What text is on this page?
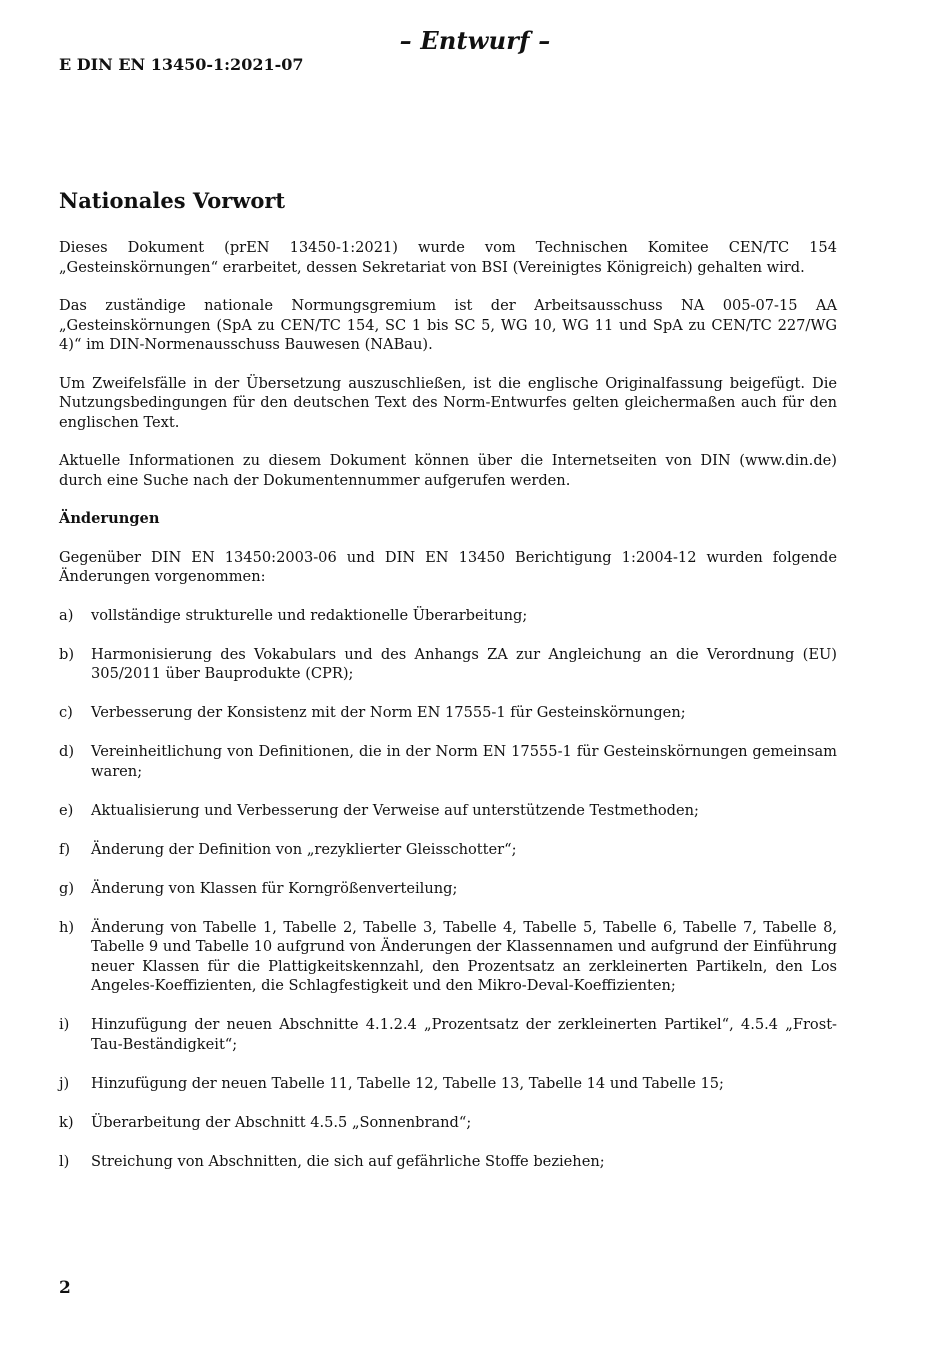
– Entwurf –
E DIN EN 13450-1:2021-07
Nationales Vorwort

Dieses Dokument (prEN 13450-1:2021) wurde vom Technischen Komitee CEN/TC 154 „Gesteinskörnungen“ erarbeitet, dessen Sekretariat von BSI (Vereinigtes Königreich) gehalten wird.

Das zuständige nationale Normungsgremium ist der Arbeitsausschuss NA 005-07-15 AA „Gesteinskörnungen (SpA zu CEN/TC 154, SC 1 bis SC 5, WG 10, WG 11 und SpA zu CEN/TC 227/WG 4)“ im DIN-Normenausschuss Bauwesen (NABau).

Um Zweifelsfälle in der Übersetzung auszuschließen, ist die englische Originalfassung beigefügt. Die Nutzungsbedingungen für den deutschen Text des Norm-Entwurfes gelten gleichermaßen auch für den englischen Text.

Aktuelle Informationen zu diesem Dokument können über die Internetseiten von DIN (www.din.de) durch eine Suche nach der Dokumentennummer aufgerufen werden.

Änderungen

Gegenüber DIN EN 13450:2003-06 und DIN EN 13450 Berichtigung 1:2004-12 wurden folgende Änderungen vorgenommen:

a)	vollständige strukturelle und redaktionelle Überarbeitung;
b)	Harmonisierung des Vokabulars und des Anhangs ZA zur Angleichung an die Verordnung (EU) 305/2011 über Bauprodukte (CPR);
c)	Verbesserung der Konsistenz mit der Norm EN 17555-1 für Gesteinskörnungen;
d)	Vereinheitlichung von Definitionen, die in der Norm EN 17555-1 für Gesteinskörnungen gemeinsam waren;
e)	Aktualisierung und Verbesserung der Verweise auf unterstützende Testmethoden;
f)	Änderung der Definition von „rezyklierter Gleisschotter“;
g)	Änderung von Klassen für Korngrößenverteilung;
h)	Änderung von Tabelle 1, Tabelle 2, Tabelle 3, Tabelle 4, Tabelle 5, Tabelle 6, Tabelle 7, Tabelle 8, Tabelle 9 und Tabelle 10 aufgrund von Änderungen der Klassennamen und aufgrund der Einführung neuer Klassen für die Plattigkeitskennzahl, den Prozentsatz an zerkleinerten Partikeln, den Los Angeles-Koeffizienten, die Schlagfestigkeit und den Mikro-Deval-Koeffizienten;
i)	Hinzufügung der neuen Abschnitte 4.1.2.4 „Prozentsatz der zerkleinerten Partikel“, 4.5.4 „Frost-Tau-Beständigkeit“;
j)	Hinzufügung der neuen Tabelle 11, Tabelle 12, Tabelle 13, Tabelle 14 und Tabelle 15;
k)	Überarbeitung der Abschnitt 4.5.5 „Sonnenbrand“;
l)	Streichung von Abschnitten, die sich auf gefährliche Stoffe beziehen;
2
